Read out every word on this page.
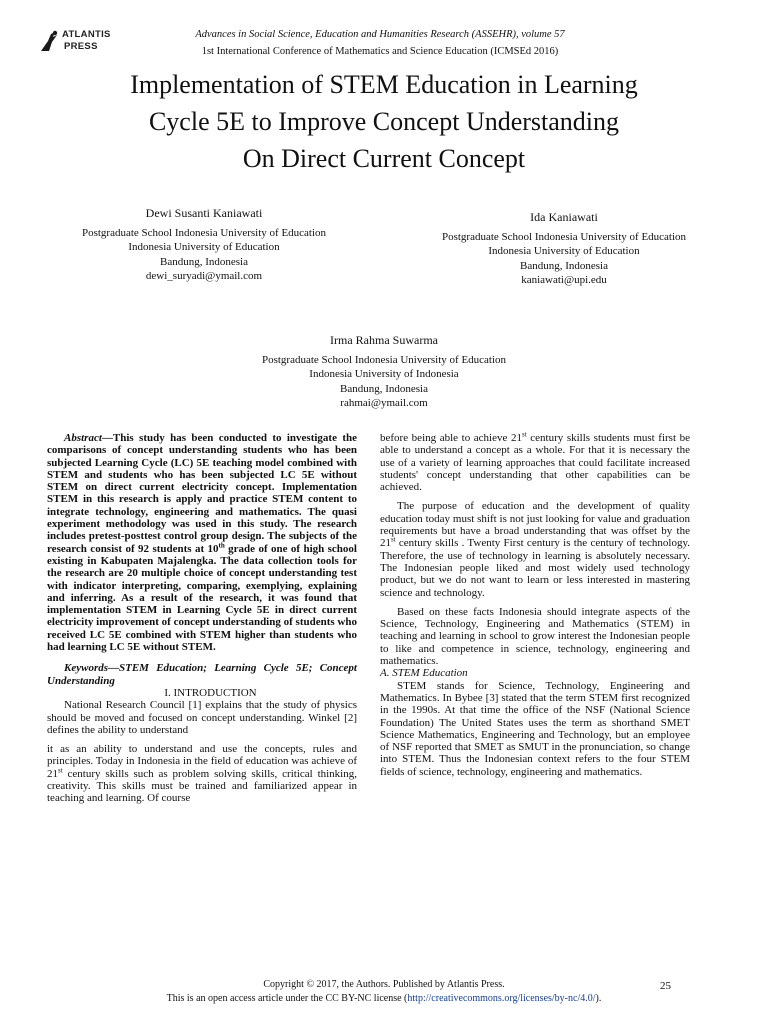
ATLANTIS
PRESS
Advances in Social Science, Education and Humanities Research (ASSEHR), volume 57
1st International Conference of Mathematics and Science Education (ICMSEd 2016)
Implementation of STEM Education in Learning
Cycle 5E to Improve Concept Understanding
On Direct Current Concept
Dewi Susanti Kaniawati
Postgraduate School Indonesia University of Education
Indonesia University of Education
Bandung, Indonesia
dewi_suryadi@ymail.com
Ida Kaniawati
Postgraduate School Indonesia University of Education
Indonesia University of Education
Bandung, Indonesia
kaniawati@upi.edu
Irma Rahma Suwarma
Postgraduate School Indonesia University of Education
Indonesia University of Indonesia
Bandung, Indonesia
rahmai@ymail.com

Abstract—This study has been conducted to investigate the comparisons of concept understanding students who has been subjected Learning Cycle (LC) 5E teaching model combined with STEM and students who has been subjected LC 5E without STEM on direct current electricity concept. Implementation STEM in this research is apply and practice STEM content to integrate technology, engineering and mathematics. The quasi experiment methodology was used in this study. The research includes pretest-posttest control group design. The subjects of the research consist of 92 students at 10th grade of one of high school existing in Kabupaten Majalengka. The data collection tools for the research are 20 multiple choice of concept understanding test with indicator interpreting, comparing, exemplying, explaining and inferring. As a result of the research, it was found that implementation STEM in Learning Cycle 5E in direct current electricity improvement of concept understanding of students who received LC 5E combined with STEM higher than students who had learning LC 5E without STEM.

Keywords—STEM Education; Learning Cycle 5E; Concept Understanding

I. INTRODUCTION

National Research Council [1] explains that the study of physics should be moved and focused on concept understanding. Winkel [2] defines the ability to understand

it as an ability to understand and use the concepts, rules and principles. Today in Indonesia in the field of education was achieve of 21st century skills such as problem solving skills, critical thinking, creativity. This skills must be trained and familiarized appear in teaching and learning. Of course

before being able to achieve 21st century skills students must first be able to understand a concept as a whole. For that it is necessary the use of a variety of learning approaches that could facilitate increased students' concept understanding that other capabilities can be achieved.

The purpose of education and the development of quality education today must shift is not just looking for value and graduation requirements but have a broad understanding that was offset by the 21st century skills . Twenty First century is the century of technology. Therefore, the use of technology in learning is absolutely necessary. The Indonesian people liked and most widely used technology product, but we do not want to learn or less interested in mastering science and technology.

Based on these facts Indonesia should integrate aspects of the Science, Technology, Engineering and Mathematics (STEM) in teaching and learning in school to grow interest the Indonesian people to like and competence in science, technology, engineering and mathematics.

A. STEM Education

STEM stands for Science, Technology, Engineering and Mathematics. In Bybee [3] stated that the term STEM first recognized in the 1990s. At that time the office of the NSF (National Science Foundation) The United States uses the term as shorthand SMET Science Mathematics, Engineering and Technology, but an employee of NSF reported that SMET as SMUT in the pronunciation, so change into STEM. Thus the Indonesian context refers to the four STEM fields of science, technology, engineering and mathematics.

Copyright © 2017, the Authors. Published by Atlantis Press.
This is an open access article under the CC BY-NC license (http://creativecommons.org/licenses/by-nc/4.0/).
25
